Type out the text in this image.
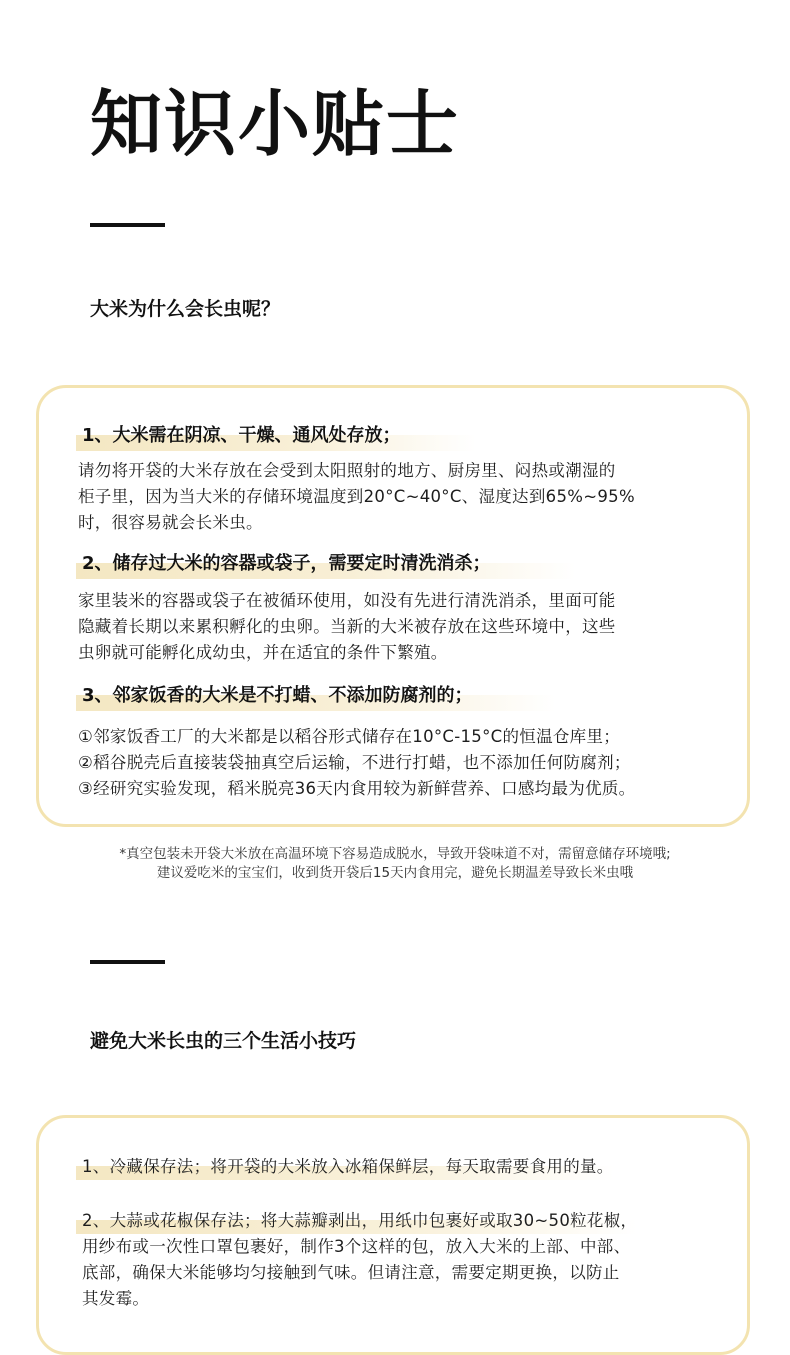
知识小贴士
大米为什么会长虫呢？
1、大米需在阴凉、干燥、通风处存放；
请勿将开袋的大米存放在会受到太阳照射的地方、厨房里、闷热或潮湿的
柜子里，因为当大米的存储环境温度到20°C~40°C、湿度达到65%~95%
时，很容易就会长米虫。
2、储存过大米的容器或袋子，需要定时清洗消杀；
家里装米的容器或袋子在被循环使用，如没有先进行清洗消杀，里面可能
隐藏着长期以来累积孵化的虫卵。当新的大米被存放在这些环境中，这些
虫卵就可能孵化成幼虫，并在适宜的条件下繁殖。
3、邻家饭香的大米是不打蜡、不添加防腐剂的；
①邻家饭香工厂的大米都是以稻谷形式储存在10°C-15°C的恒温仓库里；
②稻谷脱壳后直接装袋抽真空后运输，不进行打蜡，也不添加任何防腐剂；
③经研究实验发现，稻米脱亮36天内食用较为新鲜营养、口感均最为优质。
*真空包装未开袋大米放在高温环境下容易造成脱水，导致开袋味道不对，需留意储存环境哦;
建议爱吃米的宝宝们，收到货开袋后15天内食用完，避免长期温差导致长米虫哦
避免大米长虫的三个生活小技巧
1、冷藏保存法；将开袋的大米放入冰箱保鲜层，每天取需要食用的量。
2、大蒜或花椒保存法；将大蒜瓣剥出，用纸巾包裹好或取30~50粒花椒，
用纱布或一次性口罩包裹好，制作3个这样的包，放入大米的上部、中部、
底部，确保大米能够均匀接触到气味。但请注意，需要定期更换，以防止
其发霉。
